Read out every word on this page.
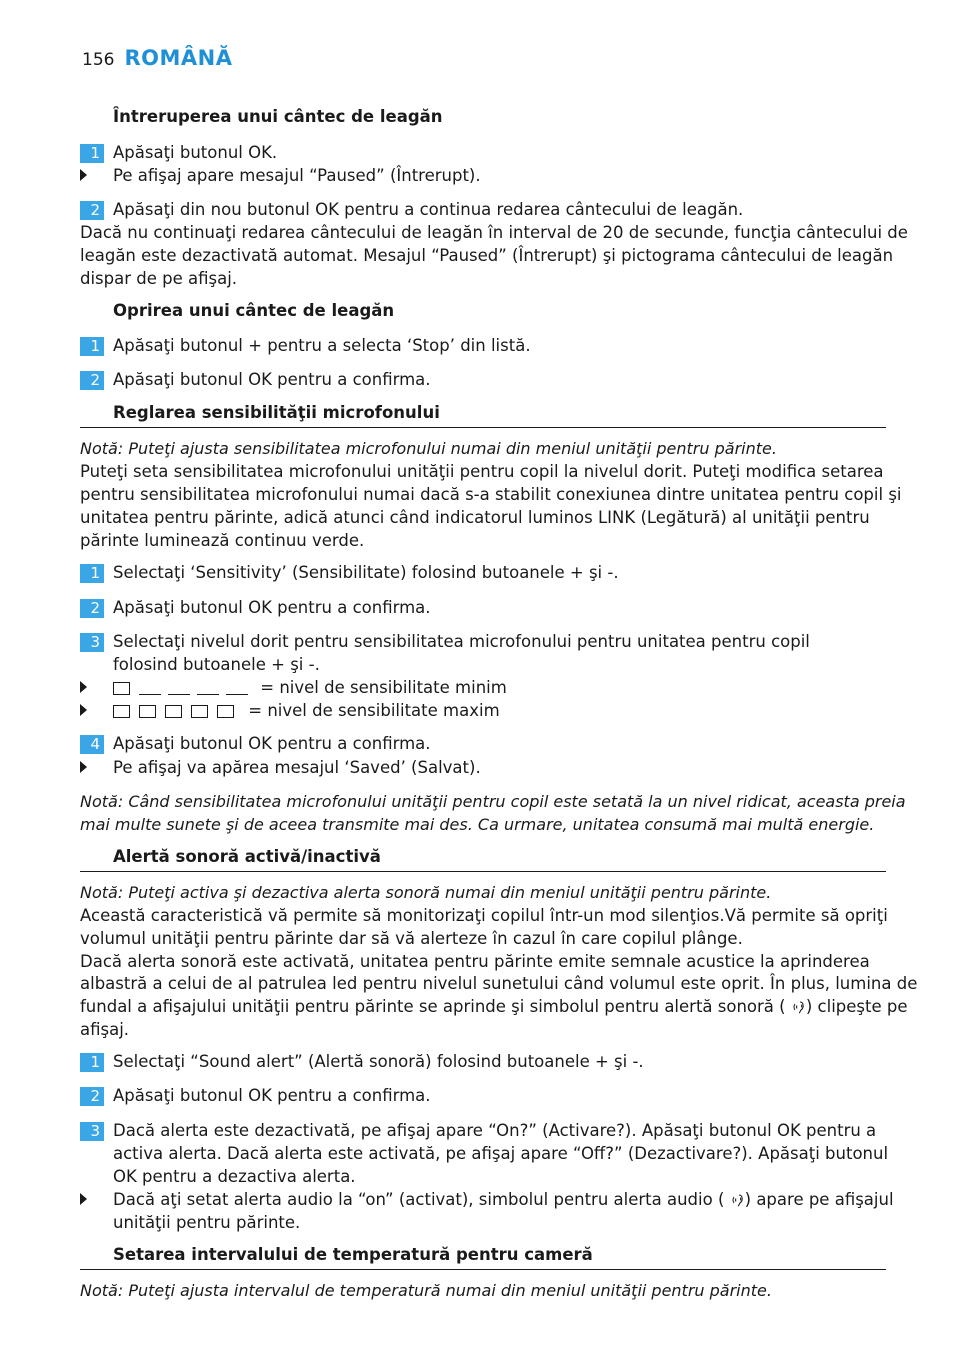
156 ROMÂNĂ
Întreruperea unui cântec de leagăn
1 Apăsaţi butonul OK.
Pe afişaj apare mesajul “Paused” (Întrerupt).
2 Apăsaţi din nou butonul OK pentru a continua redarea cântecului de leagăn.
Dacă nu continuaţi redarea cântecului de leagăn în interval de 20 de secunde, funcţia cântecului de
leagăn este dezactivată automat. Mesajul “Paused” (Întrerupt) şi pictograma cântecului de leagăn
dispar de pe afişaj.
Oprirea unui cântec de leagăn
1 Apăsaţi butonul + pentru a selecta ‘Stop’ din listă.
2 Apăsaţi butonul OK pentru a confirma.
Reglarea sensibilităţii microfonului
Notă: Puteţi ajusta sensibilitatea microfonului numai din meniul unităţii pentru părinte.
Puteţi seta sensibilitatea microfonului unităţii pentru copil la nivelul dorit. Puteţi modifica setarea
pentru sensibilitatea microfonului numai dacă s-a stabilit conexiunea dintre unitatea pentru copil şi
unitatea pentru părinte, adică atunci când indicatorul luminos LINK (Legătură) al unităţii pentru
părinte luminează continuu verde.
1 Selectaţi ‘Sensitivity’ (Sensibilitate) folosind butoanele + şi -.
2 Apăsaţi butonul OK pentru a confirma.
3 Selectaţi nivelul dorit pentru sensibilitatea microfonului pentru unitatea pentru copil
folosind butoanele + şi -.
= nivel de sensibilitate minim
= nivel de sensibilitate maxim
4 Apăsaţi butonul OK pentru a confirma.
Pe afişaj va apărea mesajul ‘Saved’ (Salvat).
Notă: Când sensibilitatea microfonului unităţii pentru copil este setată la un nivel ridicat, aceasta preia
mai multe sunete şi de aceea transmite mai des. Ca urmare, unitatea consumă mai multă energie.
Alertă sonoră activă/inactivă
Notă: Puteţi activa şi dezactiva alerta sonoră numai din meniul unităţii pentru părinte.
Această caracteristică vă permite să monitorizaţi copilul într-un mod silenţios.Vă permite să opriţi
volumul unităţii pentru părinte dar să vă alerteze în cazul în care copilul plânge.
Dacă alerta sonoră este activată, unitatea pentru părinte emite semnale acustice la aprinderea
albastră a celui de al patrulea led pentru nivelul sunetului când volumul este oprit. În plus, lumina de
fundal a afişajului unităţii pentru părinte se aprinde şi simbolul pentru alertă sonoră ( ) clipeşte pe
afişaj.
1 Selectaţi “Sound alert” (Alertă sonoră) folosind butoanele + şi -.
2 Apăsaţi butonul OK pentru a confirma.
3 Dacă alerta este dezactivată, pe afişaj apare “On?” (Activare?). Apăsaţi butonul OK pentru a
activa alerta. Dacă alerta este activată, pe afişaj apare “Off?” (Dezactivare?). Apăsaţi butonul
OK pentru a dezactiva alerta.
Dacă aţi setat alerta audio la “on” (activat), simbolul pentru alerta audio ( ) apare pe afişajul
unităţii pentru părinte.
Setarea intervalului de temperatură pentru cameră
Notă: Puteţi ajusta intervalul de temperatură numai din meniul unităţii pentru părinte.
